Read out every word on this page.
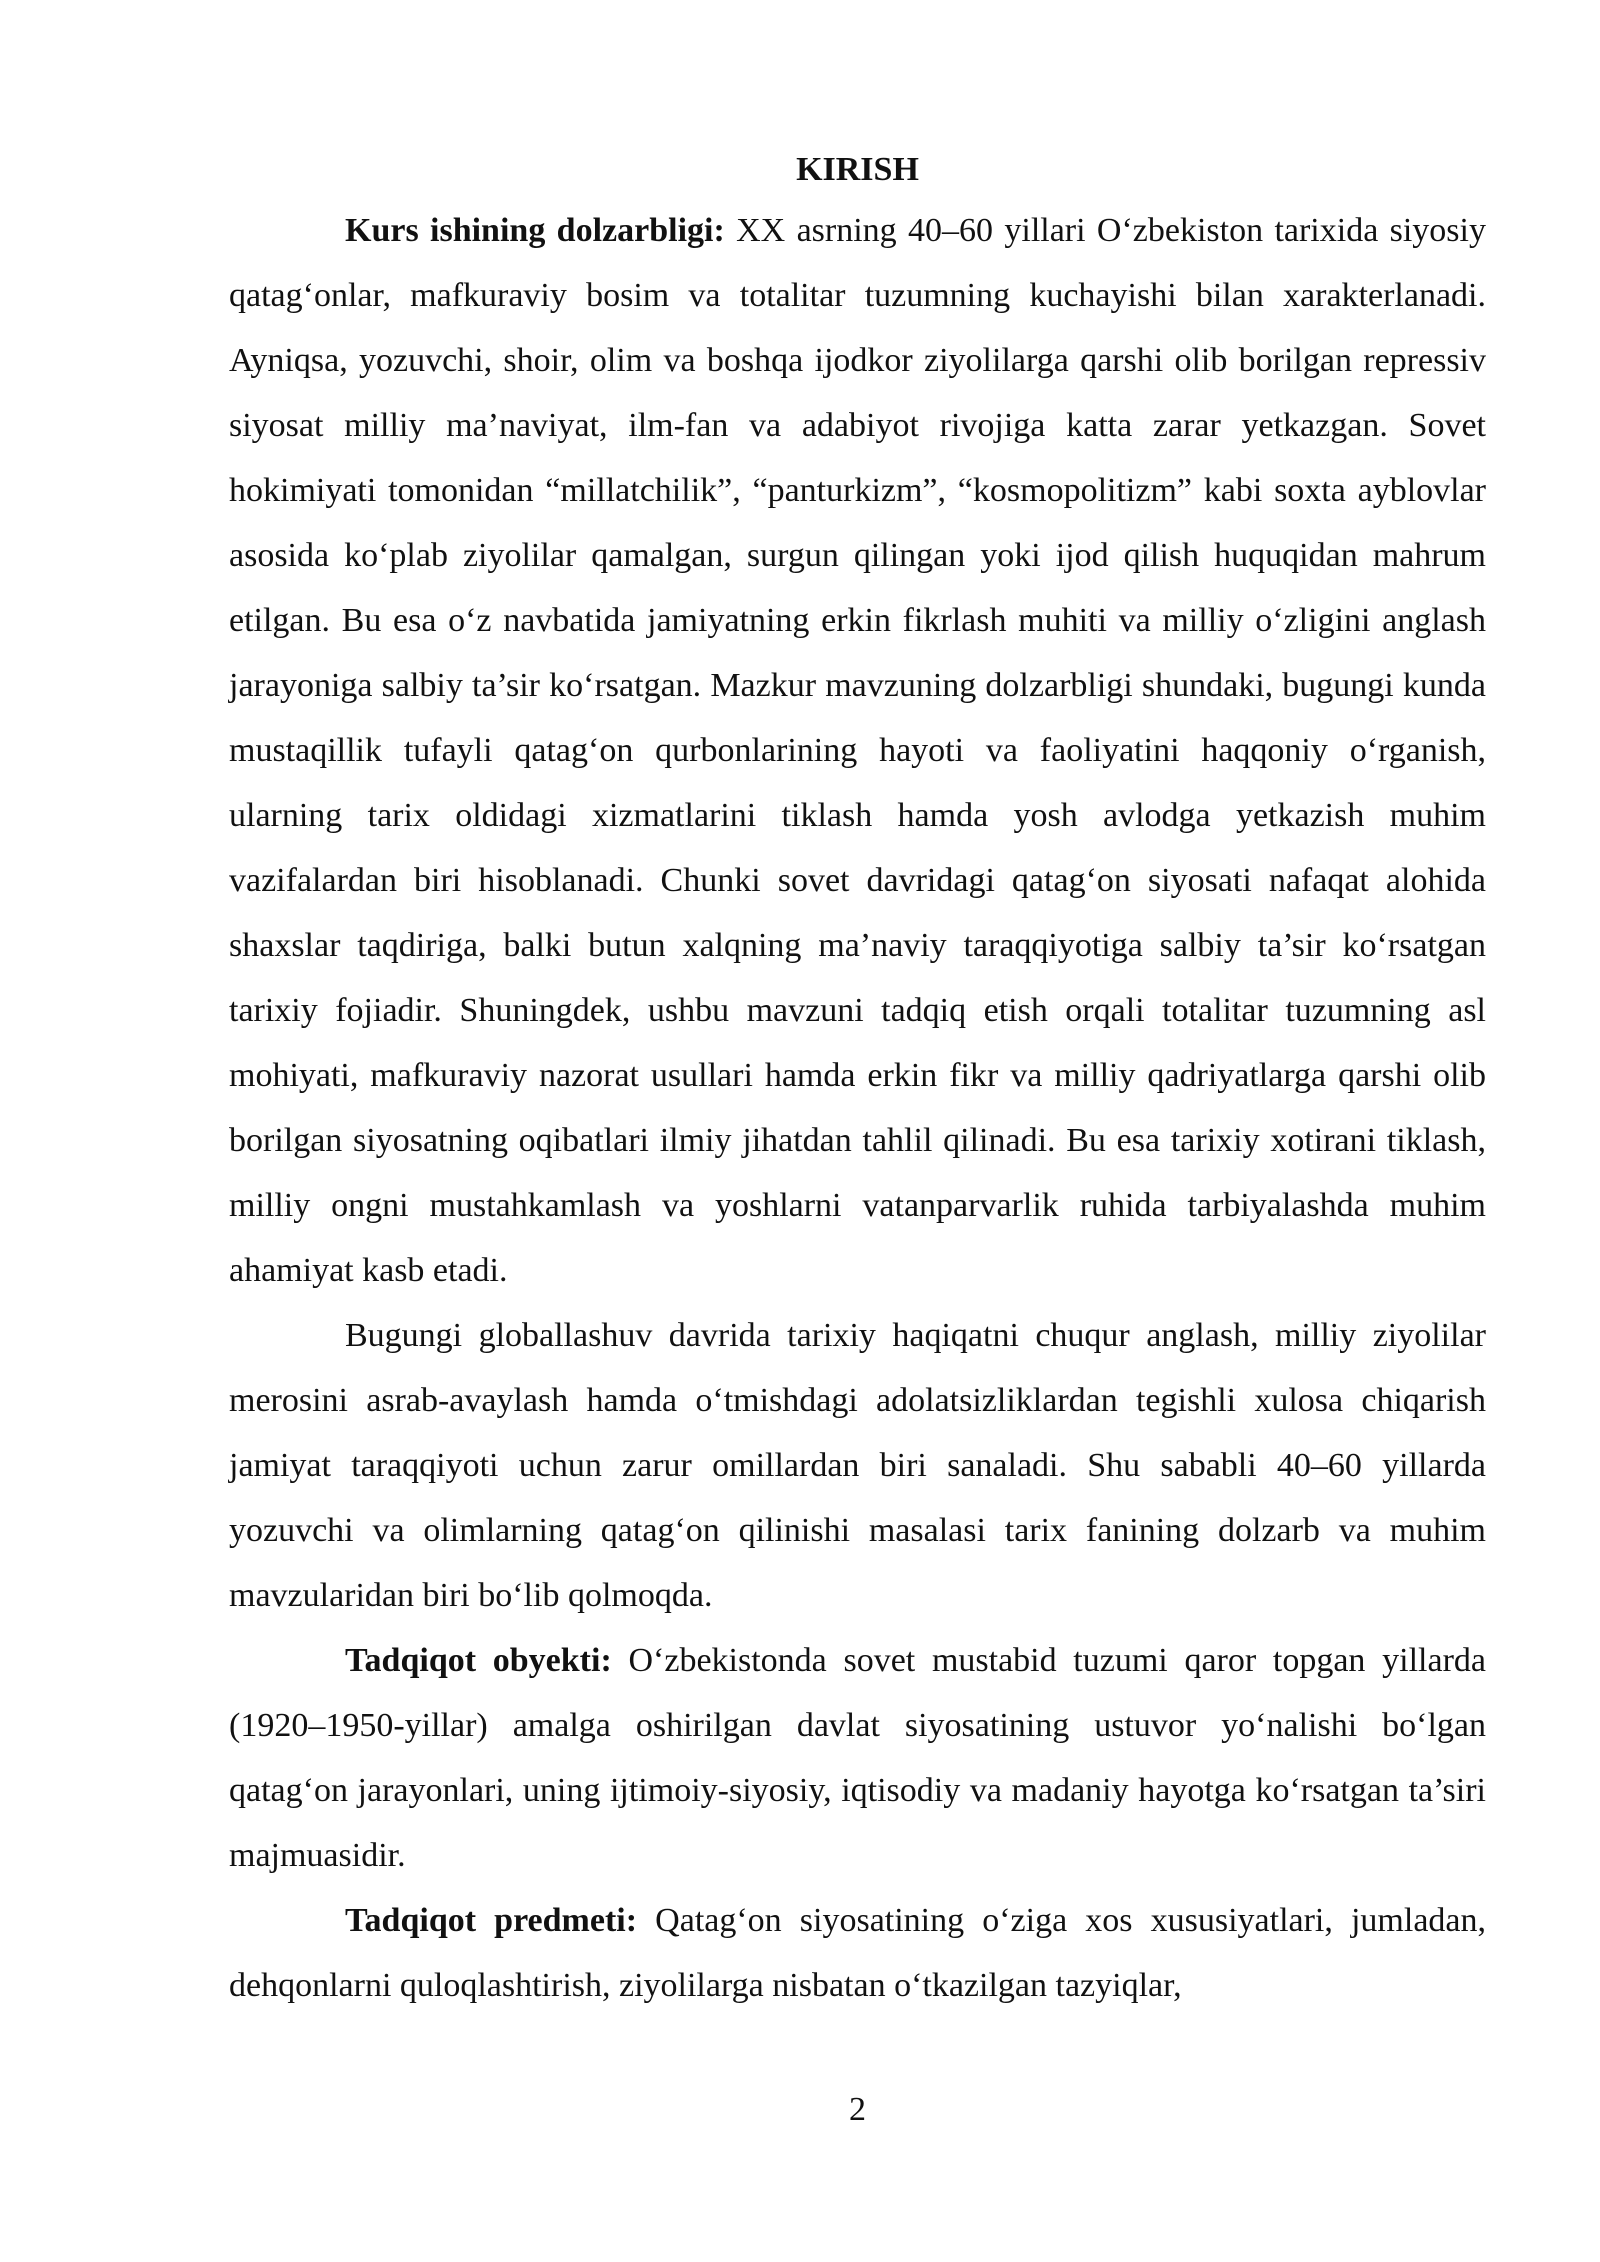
KIRISH

Kurs ishining dolzarbligi: XX asrning 40–60 yillari O‘zbekiston tarixida siyosiy qatag‘onlar, mafkuraviy bosim va totalitar tuzumning kuchayishi bilan xarakterlanadi. Ayniqsa, yozuvchi, shoir, olim va boshqa ijodkor ziyolilarga qarshi olib borilgan repressiv siyosat milliy ma’naviyat, ilm-fan va adabiyot rivojiga katta zarar yetkazgan. Sovet hokimiyati tomonidan “millatchilik”, “panturkizm”, “kosmopolitizm” kabi soxta ayblovlar asosida ko‘plab ziyolilar qamalgan, surgun qilingan yoki ijod qilish huquqidan mahrum etilgan. Bu esa o‘z navbatida jamiyatning erkin fikrlash muhiti va milliy o‘zligini anglash jarayoniga salbiy ta’sir ko‘rsatgan. Mazkur mavzuning dolzarbligi shundaki, bugungi kunda mustaqillik tufayli qatag‘on qurbonlarining hayoti va faoliyatini haqqoniy o‘rganish, ularning tarix oldidagi xizmatlarini tiklash hamda yosh avlodga yetkazish muhim vazifalardan biri hisoblanadi. Chunki sovet davridagi qatag‘on siyosati nafaqat alohida shaxslar taqdiriga, balki butun xalqning ma’naviy taraqqiyotiga salbiy ta’sir ko‘rsatgan tarixiy fojiadir. Shuningdek, ushbu mavzuni tadqiq etish orqali totalitar tuzumning asl mohiyati, mafkuraviy nazorat usullari hamda erkin fikr va milliy qadriyatlarga qarshi olib borilgan siyosatning oqibatlari ilmiy jihatdan tahlil qilinadi. Bu esa tarixiy xotirani tiklash, milliy ongni mustahkamlash va yoshlarni vatanparvarlik ruhida tarbiyalashda muhim ahamiyat kasb etadi.

Bugungi globallashuv davrida tarixiy haqiqatni chuqur anglash, milliy ziyolilar merosini asrab-avaylash hamda o‘tmishdagi adolatsizliklardan tegishli xulosa chiqarish jamiyat taraqqiyoti uchun zarur omillardan biri sanaladi. Shu sababli 40–60 yillarda yozuvchi va olimlarning qatag‘on qilinishi masalasi tarix fanining dolzarb va muhim mavzularidan biri bo‘lib qolmoqda.

Tadqiqot obyekti: O‘zbekistonda sovet mustabid tuzumi qaror topgan yillarda (1920–1950-yillar) amalga oshirilgan davlat siyosatining ustuvor yo‘nalishi bo‘lgan qatag‘on jarayonlari, uning ijtimoiy-siyosiy, iqtisodiy va madaniy hayotga ko‘rsatgan ta’siri majmuasidir.

Tadqiqot predmeti: Qatag‘on siyosatining o‘ziga xos xususiyatlari, jumladan, dehqonlarni quloqlashtirish, ziyolilarga nisbatan o‘tkazilgan tazyiqlar,

2
